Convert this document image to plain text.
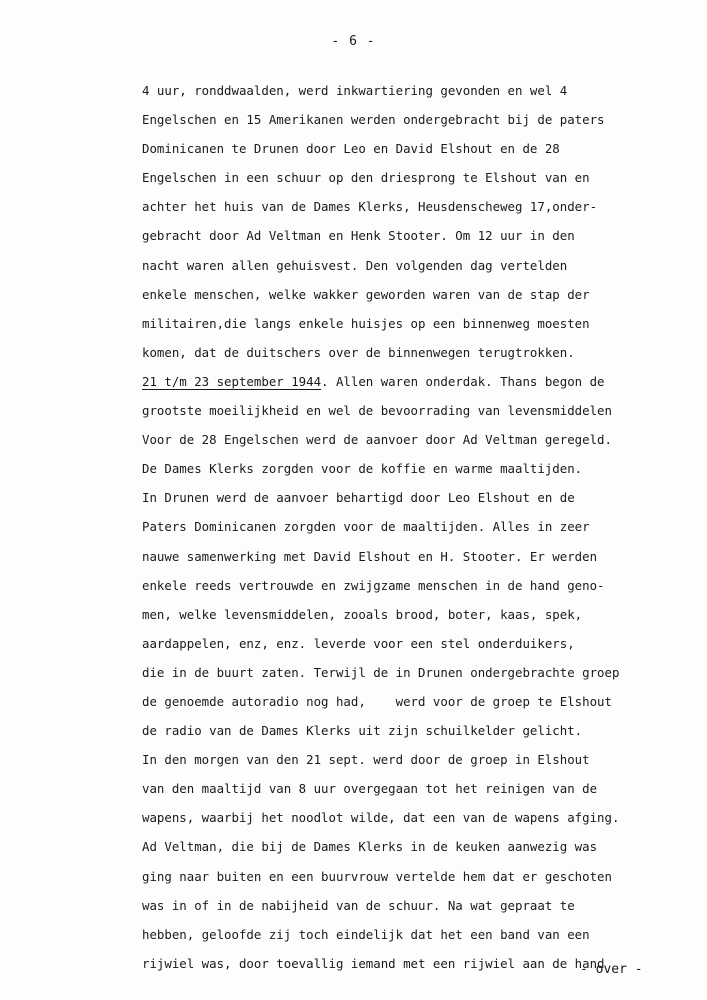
- 6 -
4 uur, ronddwaalden, werd inkwartiering gevonden en wel 4
Engelschen en 15 Amerikanen werden ondergebracht bij de paters
Dominicanen te Drunen door Leo en David Elshout en de 28
Engelschen in een schuur op den driesprong te Elshout van en
achter het huis van de Dames Klerks, Heusdenscheweg 17,onder-
gebracht door Ad Veltman en Henk Stooter. Om 12 uur in den
nacht waren allen gehuisvest. Den volgenden dag vertelden
enkele menschen, welke wakker geworden waren van de stap der
militairen,die langs enkele huisjes op een binnenweg moesten
komen, dat de duitschers over de binnenwegen terugtrokken.
21 t/m 23 september 1944. Allen waren onderdak. Thans begon de
grootste moeilijkheid en wel de bevoorrading van levensmiddelen
Voor de 28 Engelschen werd de aanvoer door Ad Veltman geregeld.
De Dames Klerks zorgden voor de koffie en warme maaltijden.
In Drunen werd de aanvoer behartigd door Leo Elshout en de
Paters Dominicanen zorgden voor de maaltijden. Alles in zeer
nauwe samenwerking met David Elshout en H. Stooter. Er werden
enkele reeds vertrouwde en zwijgzame menschen in de hand geno-
men, welke levensmiddelen, zooals brood, boter, kaas, spek,
aardappelen, enz, enz. leverde voor een stel onderduikers,
die in de buurt zaten. Terwijl de in Drunen ondergebrachte groep
de genoemde autoradio nog had,    werd voor de groep te Elshout
de radio van de Dames Klerks uit zijn schuilkelder gelicht.
In den morgen van den 21 sept. werd door de groep in Elshout
van den maaltijd van 8 uur overgegaan tot het reinigen van de
wapens, waarbij het noodlot wilde, dat een van de wapens afging.
Ad Veltman, die bij de Dames Klerks in de keuken aanwezig was
ging naar buiten en een buurvrouw vertelde hem dat er geschoten
was in of in de nabijheid van de schuur. Na wat gepraat te
hebben, geloofde zij toch eindelijk dat het een band van een
rijwiel was, door toevallig iemand met een rijwiel aan de hand
- over -
